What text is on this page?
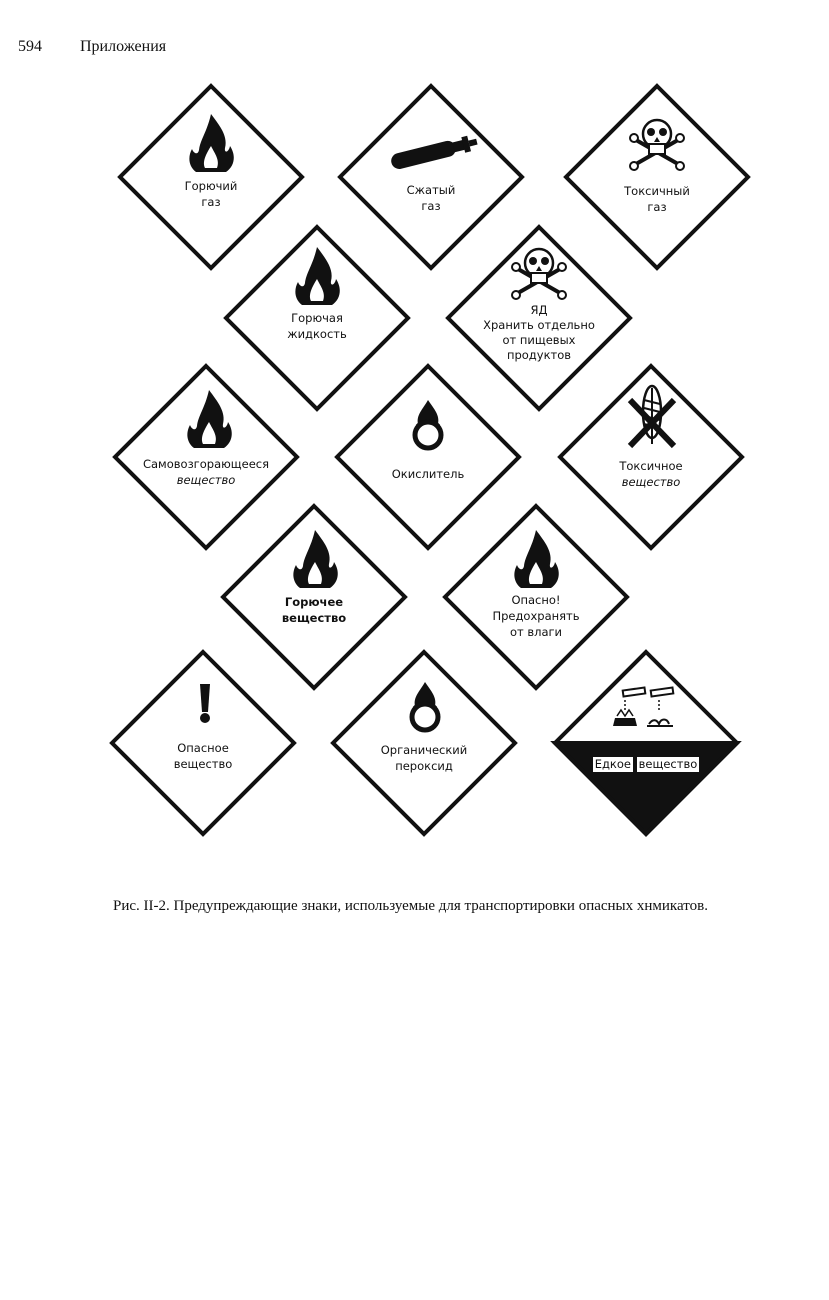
594 Приложения
Горючий
газ
Сжатый
газ
Токсичный
газ
Горючая
жидкость
ЯД
Хранить отдельно
от пищевых
продуктов
Самовозгорающееся
вещество	Окислитель
Токсичное
вещество
Горючее
вещество
Опасно!
Предохранять
от влаги
Опасное
вещество
Органический
пероксид	Едкое вещество
Рис. II-2. Предупреждающие знаки, используемые для транспортировки опасных хнмикатов.
